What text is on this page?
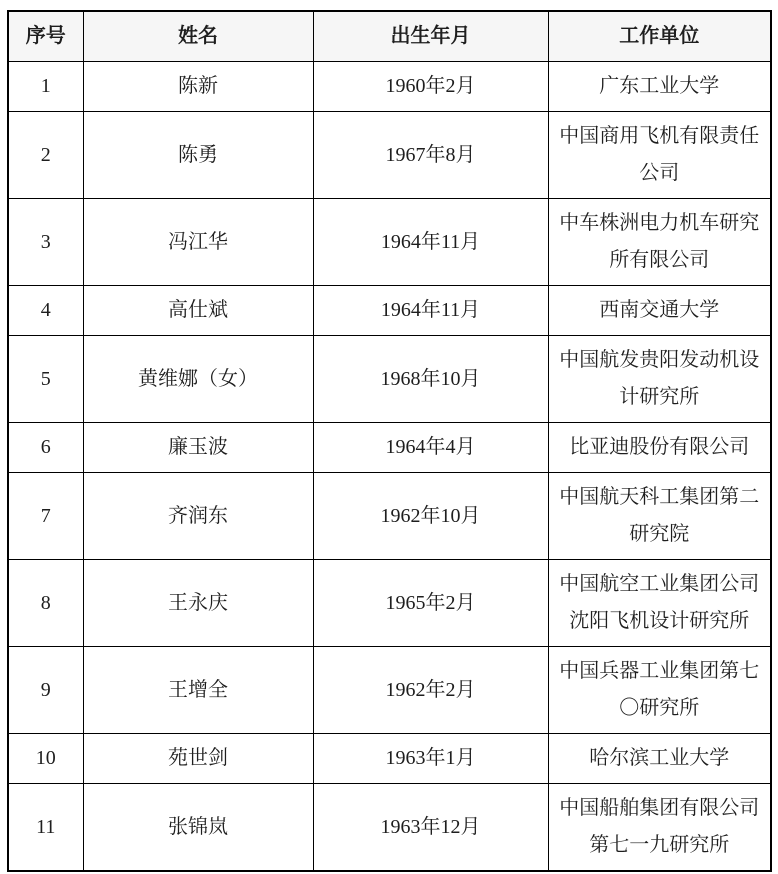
序号	姓名	出生年月	工作单位
1	陈新	1960年2月	广东工业大学
2	陈勇	1967年8月	中国商用飞机有限责任公司
3	冯江华	1964年11月	中车株洲电力机车研究所有限公司
4	高仕斌	1964年11月	西南交通大学
5	黄维娜（女）	1968年10月	中国航发贵阳发动机设计研究所
6	廉玉波	1964年4月	比亚迪股份有限公司
7	齐润东	1962年10月	中国航天科工集团第二研究院
8	王永庆	1965年2月	中国航空工业集团公司沈阳飞机设计研究所
9	王增全	1962年2月	中国兵器工业集团第七〇研究所
10	苑世剑	1963年1月	哈尔滨工业大学
11	张锦岚	1963年12月	中国船舶集团有限公司第七一九研究所
